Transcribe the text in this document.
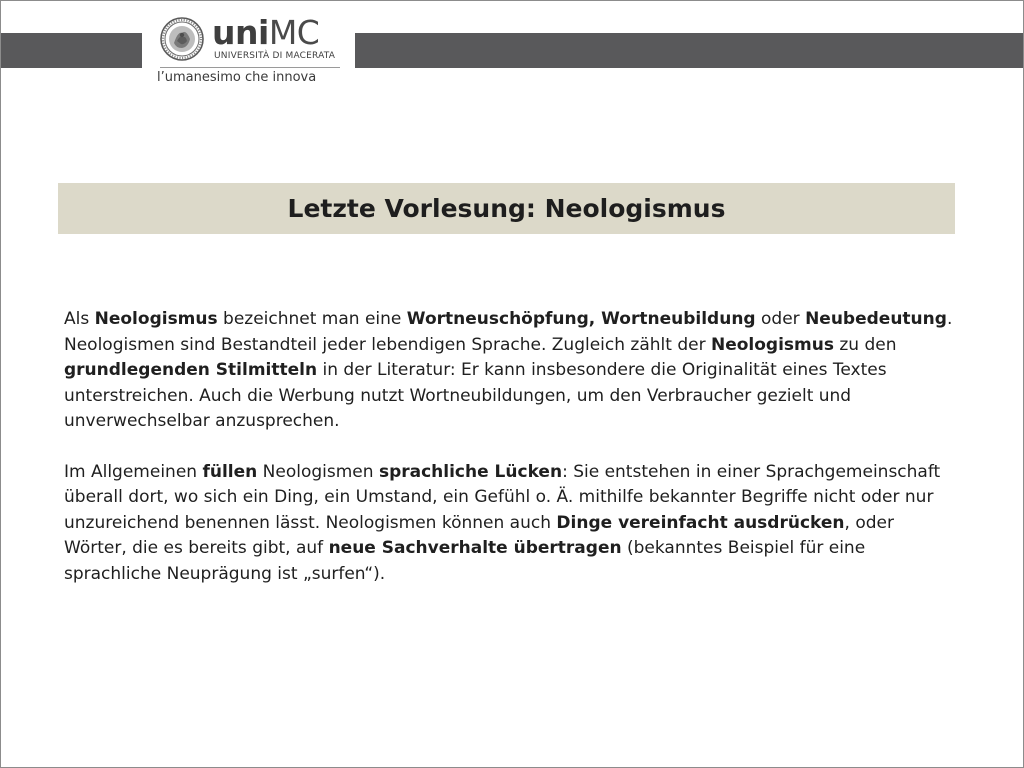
uniMC
UNIVERSITÀ DI MACERATA
l’umanesimo che innova
Letzte Vorlesung: Neologismus

Als Neologismus bezeichnet man eine Wortneuschöpfung, Wortneubildung oder Neubedeutung. Neologismen sind Bestandteil jeder lebendigen Sprache. Zugleich zählt der Neologismus zu den grundlegenden Stilmitteln in der Literatur: Er kann insbesondere die Originalität eines Textes unterstreichen. Auch die Werbung nutzt Wortneubildungen, um den Verbraucher gezielt und unverwechselbar anzusprechen.

Im Allgemeinen füllen Neologismen sprachliche Lücken: Sie entstehen in einer Sprachgemeinschaft überall dort, wo sich ein Ding, ein Umstand, ein Gefühl o. Ä. mithilfe bekannter Begriffe nicht oder nur unzureichend benennen lässt. Neologismen können auch Dinge vereinfacht ausdrücken, oder Wörter, die es bereits gibt, auf neue Sachverhalte übertragen (bekanntes Beispiel für eine sprachliche Neuprägung ist „surfen“).
